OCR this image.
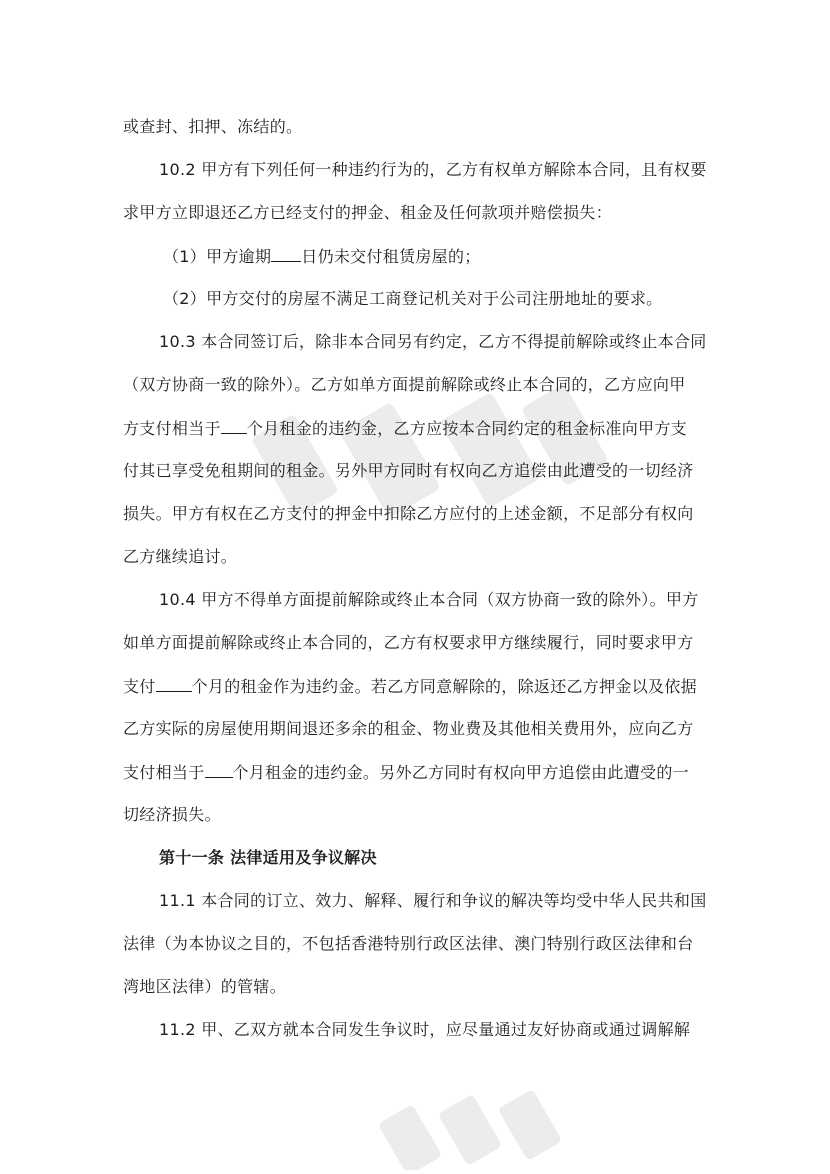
或查封、扣押、冻结的。
10.2 甲方有下列任何一种违约行为的，乙方有权单方解除本合同，且有权要
求甲方立即退还乙方已经支付的押金、租金及任何款项并赔偿损失：
（1）甲方逾期 日仍未交付租赁房屋的；
（2）甲方交付的房屋不满足工商登记机关对于公司注册地址的要求。
10.3 本合同签订后，除非本合同另有约定，乙方不得提前解除或终止本合同
（双方协商一致的除外）。乙方如单方面提前解除或终止本合同的，乙方应向甲
方支付相当于 个月租金的违约金，乙方应按本合同约定的租金标准向甲方支
付其已享受免租期间的租金。另外甲方同时有权向乙方追偿由此遭受的一切经济
损失。甲方有权在乙方支付的押金中扣除乙方应付的上述金额，不足部分有权向
乙方继续追讨。
10.4 甲方不得单方面提前解除或终止本合同（双方协商一致的除外）。甲方
如单方面提前解除或终止本合同的，乙方有权要求甲方继续履行，同时要求甲方
支付 个月的租金作为违约金。若乙方同意解除的，除返还乙方押金以及依据
乙方实际的房屋使用期间退还多余的租金、物业费及其他相关费用外，应向乙方
支付相当于 个月租金的违约金。另外乙方同时有权向甲方追偿由此遭受的一
切经济损失。
第十一条 法律适用及争议解决
11.1 本合同的订立、效力、解释、履行和争议的解决等均受中华人民共和国
法律（为本协议之目的，不包括香港特别行政区法律、澳门特别行政区法律和台
湾地区法律）的管辖。
11.2 甲、乙双方就本合同发生争议时，应尽量通过友好协商或通过调解解
